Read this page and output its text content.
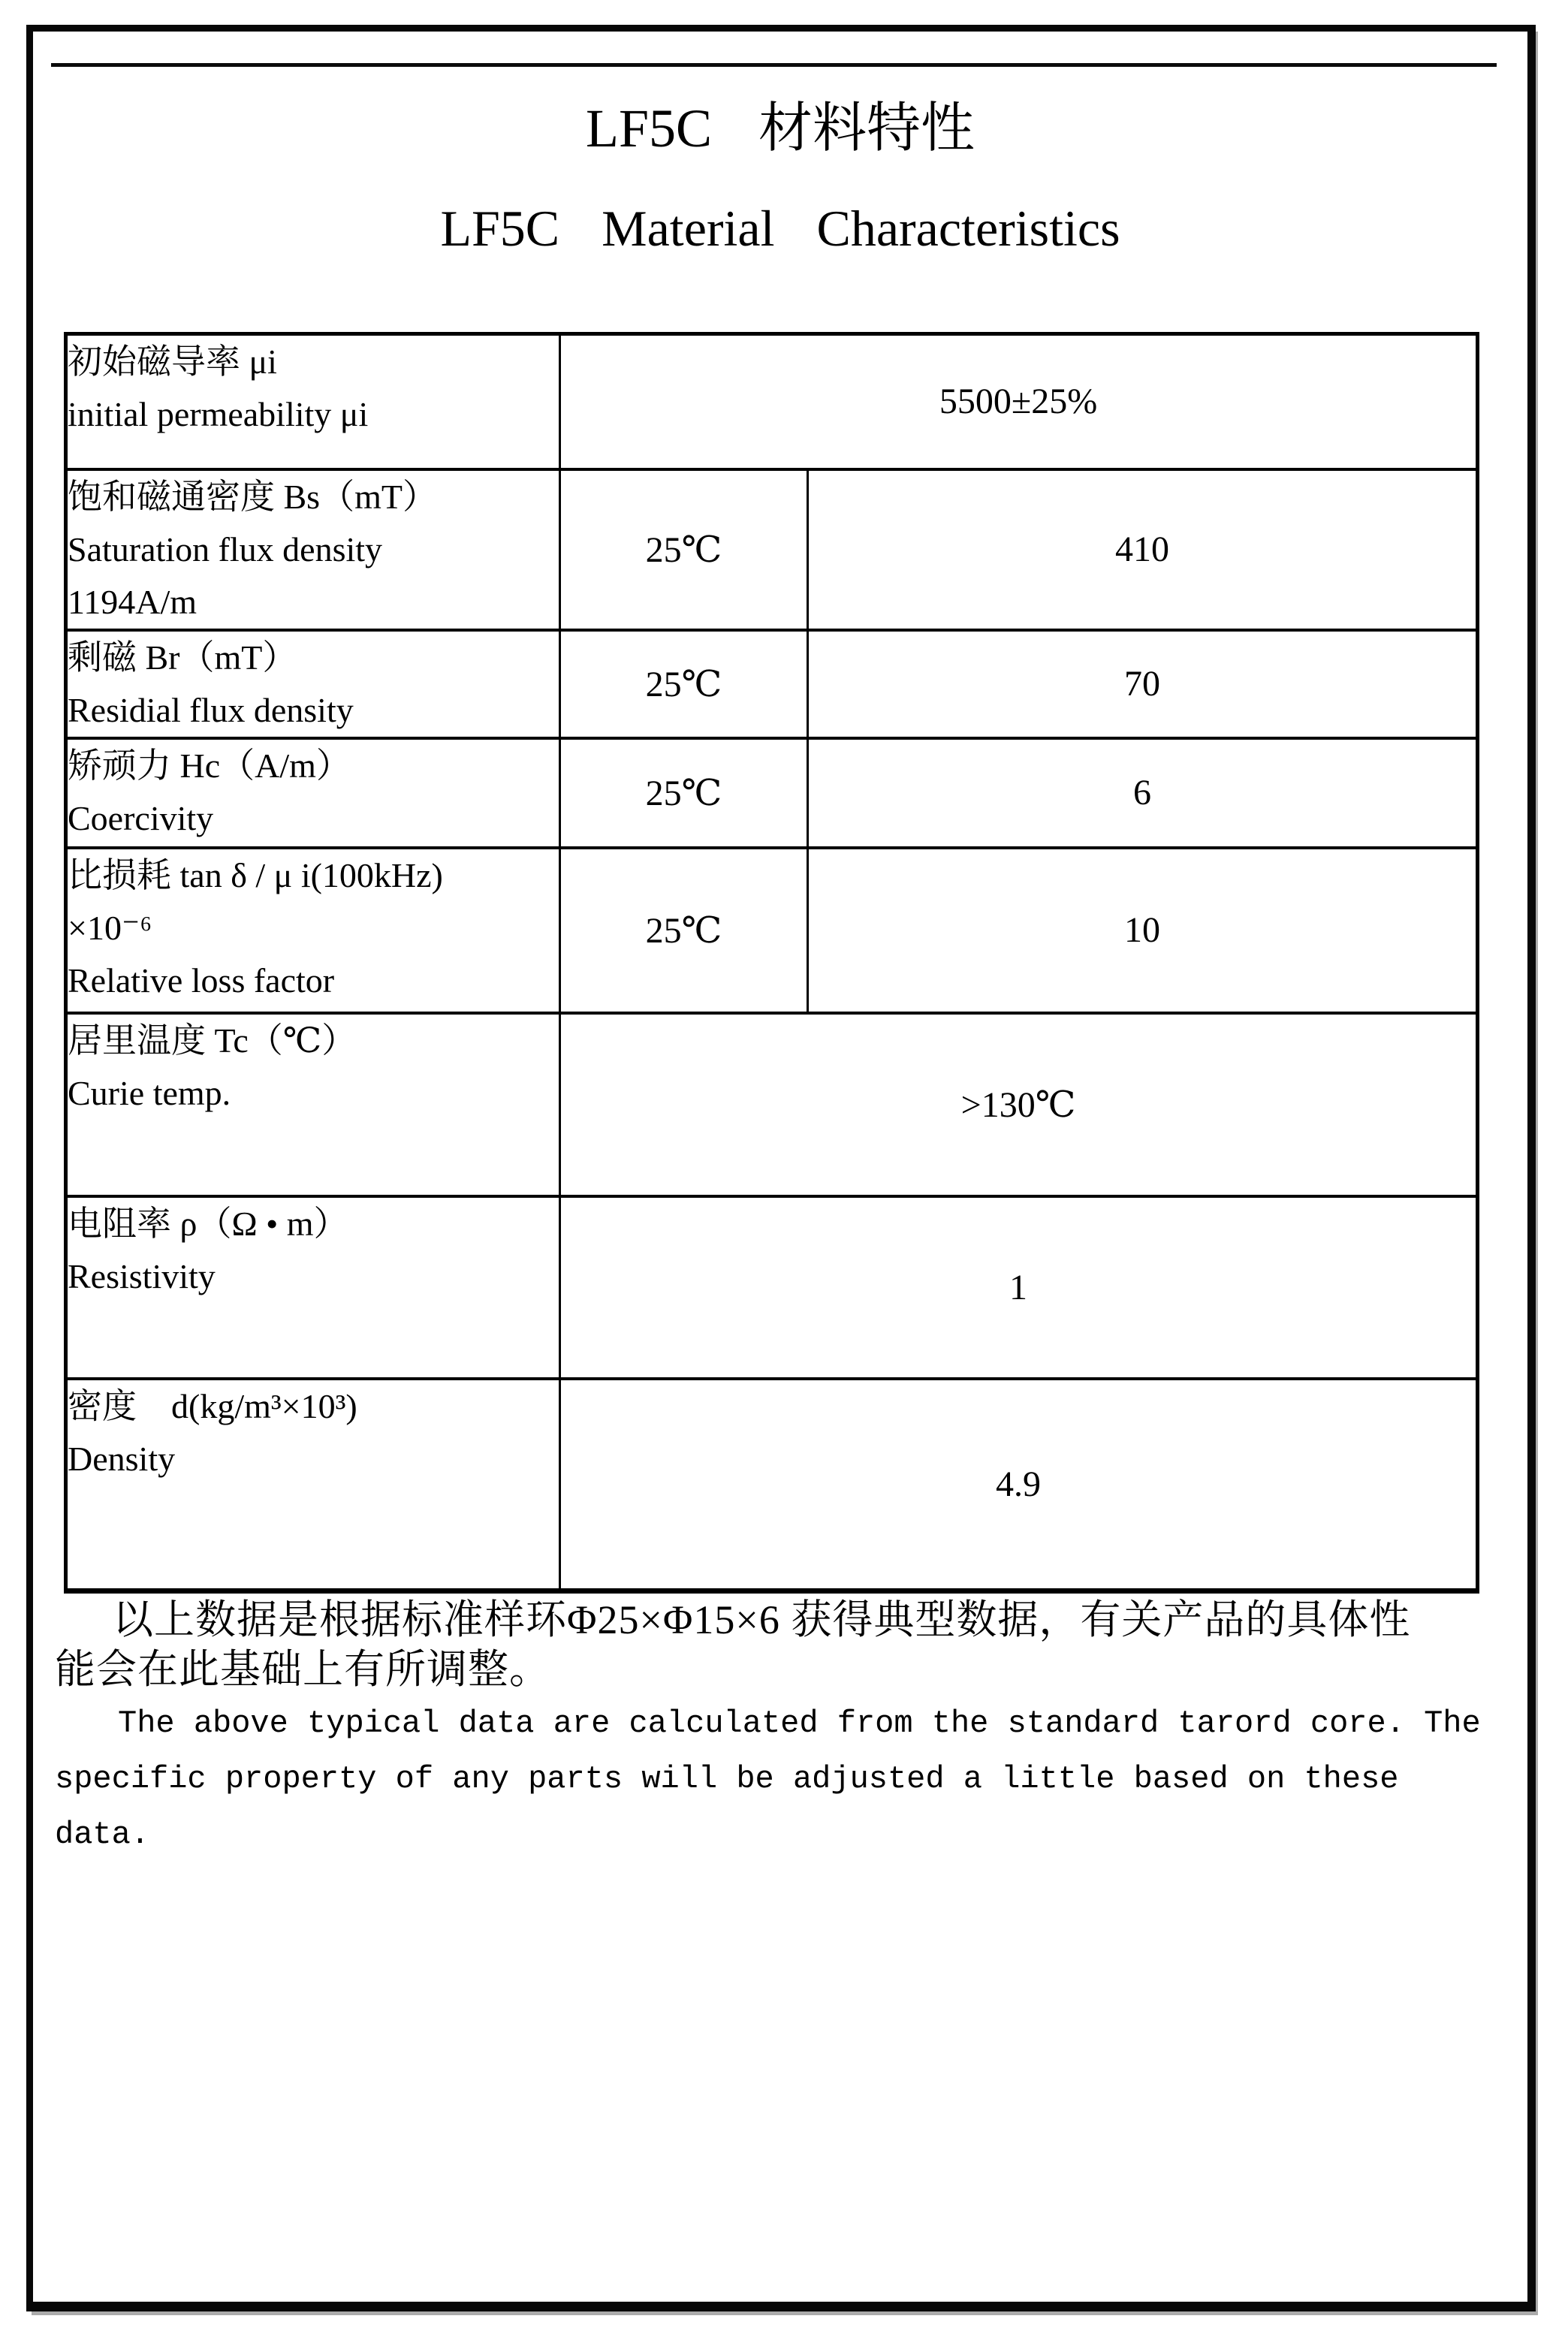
LF5C 材料特性
LF5C Material Characteristics
初始磁导率 μi
initial permeability μi	5500±25%	

饱和磁通密度 Bs（mT）
Saturation flux density
1194A/m	25℃	410

剩磁 Br（mT）
Residial flux density	25℃	70

矫顽力 Hc（A/m）
Coercivity	25℃	6

比损耗 tan δ / μ i(100kHz)
×10⁻⁶
Relative loss factor	25℃	10

居里温度 Tc（℃）
Curie temp.	>130℃	

电阻率 ρ（Ω • m）
Resistivity	1	

密度　d(kg/m³×10³)
Density	4.9	
以上数据是根据标准样环Φ25×Φ15×6 获得典型数据，有关产品的具体性
能会在此基础上有所调整。
The above typical data are calculated from the standard tarord core. The
specific property of any parts will be adjusted a little based on these
data.
